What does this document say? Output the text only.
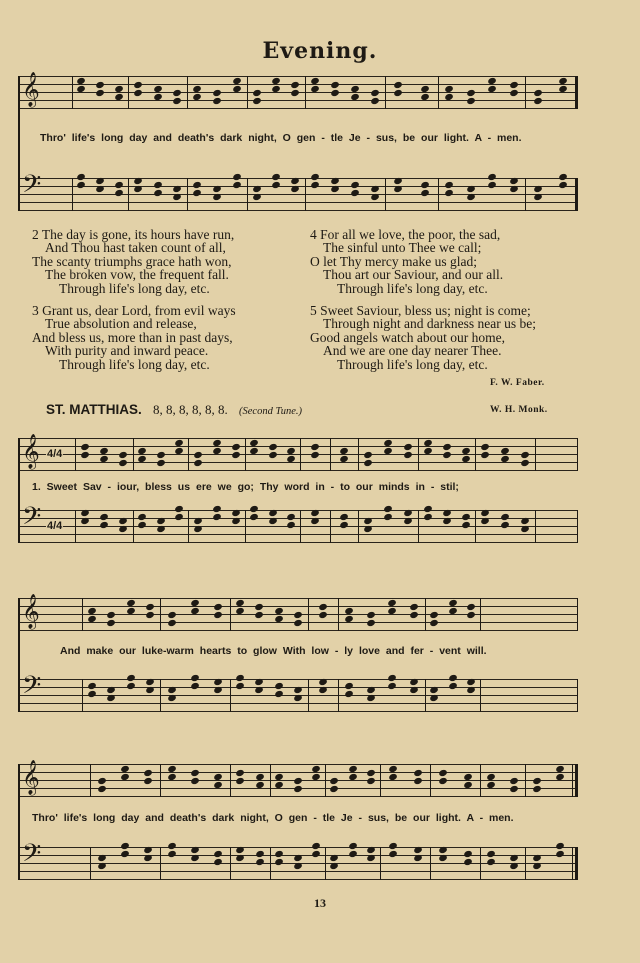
Evening.
𝄞
𝄢
𝄞 4/4
𝄢 4/4
𝄞
𝄢
𝄞
𝄢
Thro' life's long day and death's dark night, O gen - tle Je - sus, be our light. A - men.
2 The day is gone, its hours have run,
And Thou hast taken count of all,
The scanty triumphs grace hath won,
The broken vow, the frequent fall.
Through life's long day, etc.
3 Grant us, dear Lord, from evil ways
True absolution and release,
And bless us, more than in past days,
With purity and inward peace.
Through life's long day, etc.
4 For all we love, the poor, the sad,
The sinful unto Thee we call;
O let Thy mercy make us glad;
Thou art our Saviour, and our all.
Through life's long day, etc.
5 Sweet Saviour, bless us; night is come;
Through night and darkness near us be;
Good angels watch about our home,
And we are one day nearer Thee.
Through life's long day, etc.
F. W. Faber.
ST. MATTHIAS. 8, 8, 8, 8, 8, 8. (Second Tune.)	W. H. Monk.
1. Sweet Sav - iour, bless us ere we go; Thy word in - to our minds in - stil;
And make our luke-warm hearts to glow With low - ly love and fer - vent will.
Thro' life's long day and death's dark night, O gen - tle Je - sus, be our light. A - men.
13
